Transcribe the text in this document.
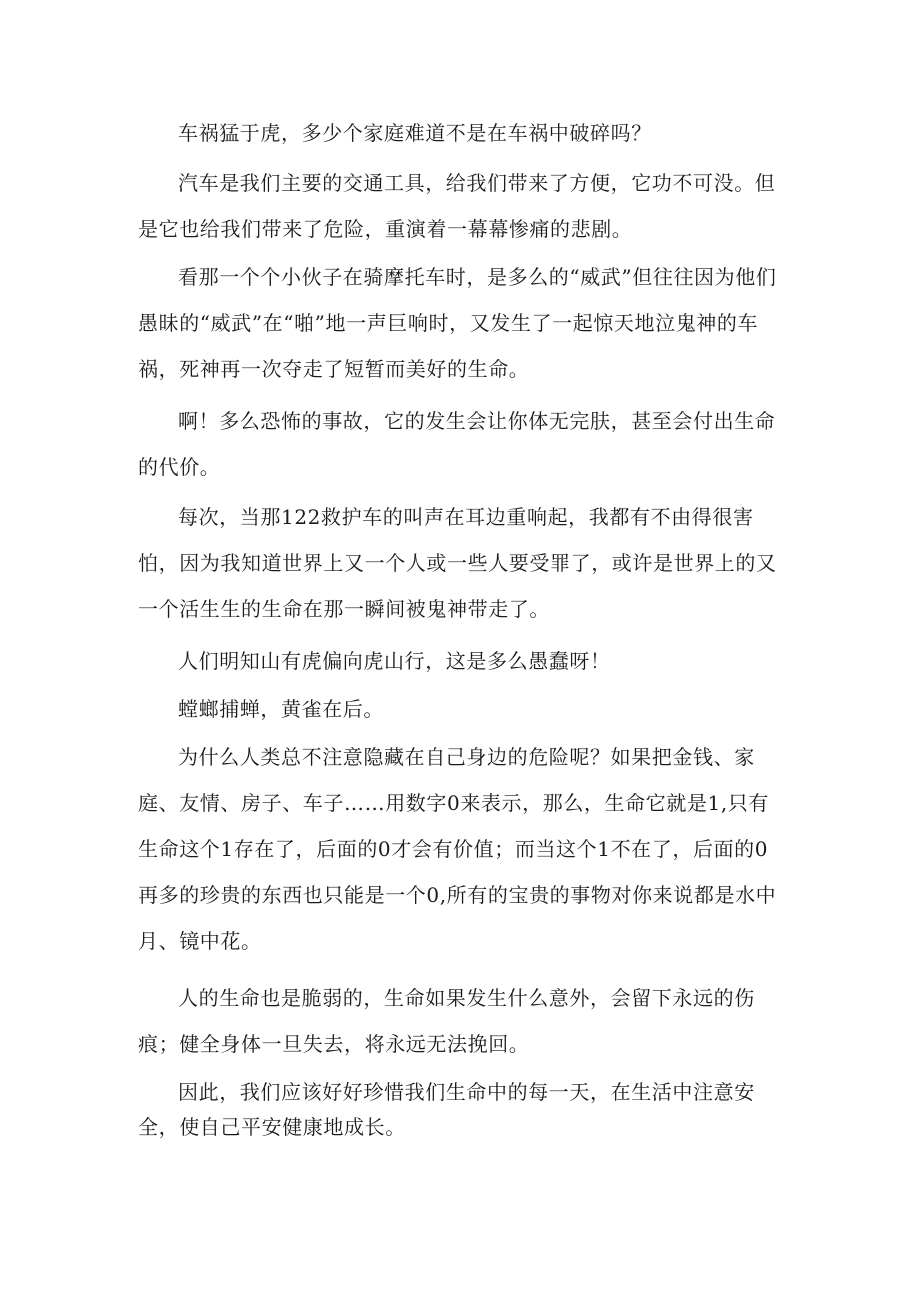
车祸猛于虎，多少个家庭难道不是在车祸中破碎吗？

汽车是我们主要的交通工具，给我们带来了方便，它功不可没。但是它也给我们带来了危险，重演着一幕幕惨痛的悲剧。

看那一个个小伙子在骑摩托车时，是多么的“威武”但往往因为他们愚昧的“威武”在“啪”地一声巨响时，又发生了一起惊天地泣鬼神的车祸，死神再一次夺走了短暂而美好的生命。

啊！多么恐怖的事故，它的发生会让你体无完肤，甚至会付出生命的代价。

每次，当那122救护车的叫声在耳边重响起，我都有不由得很害怕，因为我知道世界上又一个人或一些人要受罪了，或许是世界上的又一个活生生的生命在那一瞬间被鬼神带走了。

人们明知山有虎偏向虎山行，这是多么愚蠢呀！

螳螂捕蝉，黄雀在后。

为什么人类总不注意隐藏在自己身边的危险呢？如果把金钱、家庭、友情、房子、车子……用数字0来表示，那么，生命它就是1,只有生命这个1存在了，后面的0才会有价值；而当这个1不在了，后面的0再多的珍贵的东西也只能是一个0,所有的宝贵的事物对你来说都是水中月、镜中花。

人的生命也是脆弱的，生命如果发生什么意外，会留下永远的伤痕；健全身体一旦失去，将永远无法挽回。

因此，我们应该好好珍惜我们生命中的每一天，在生活中注意安全，使自己平安健康地成长。
